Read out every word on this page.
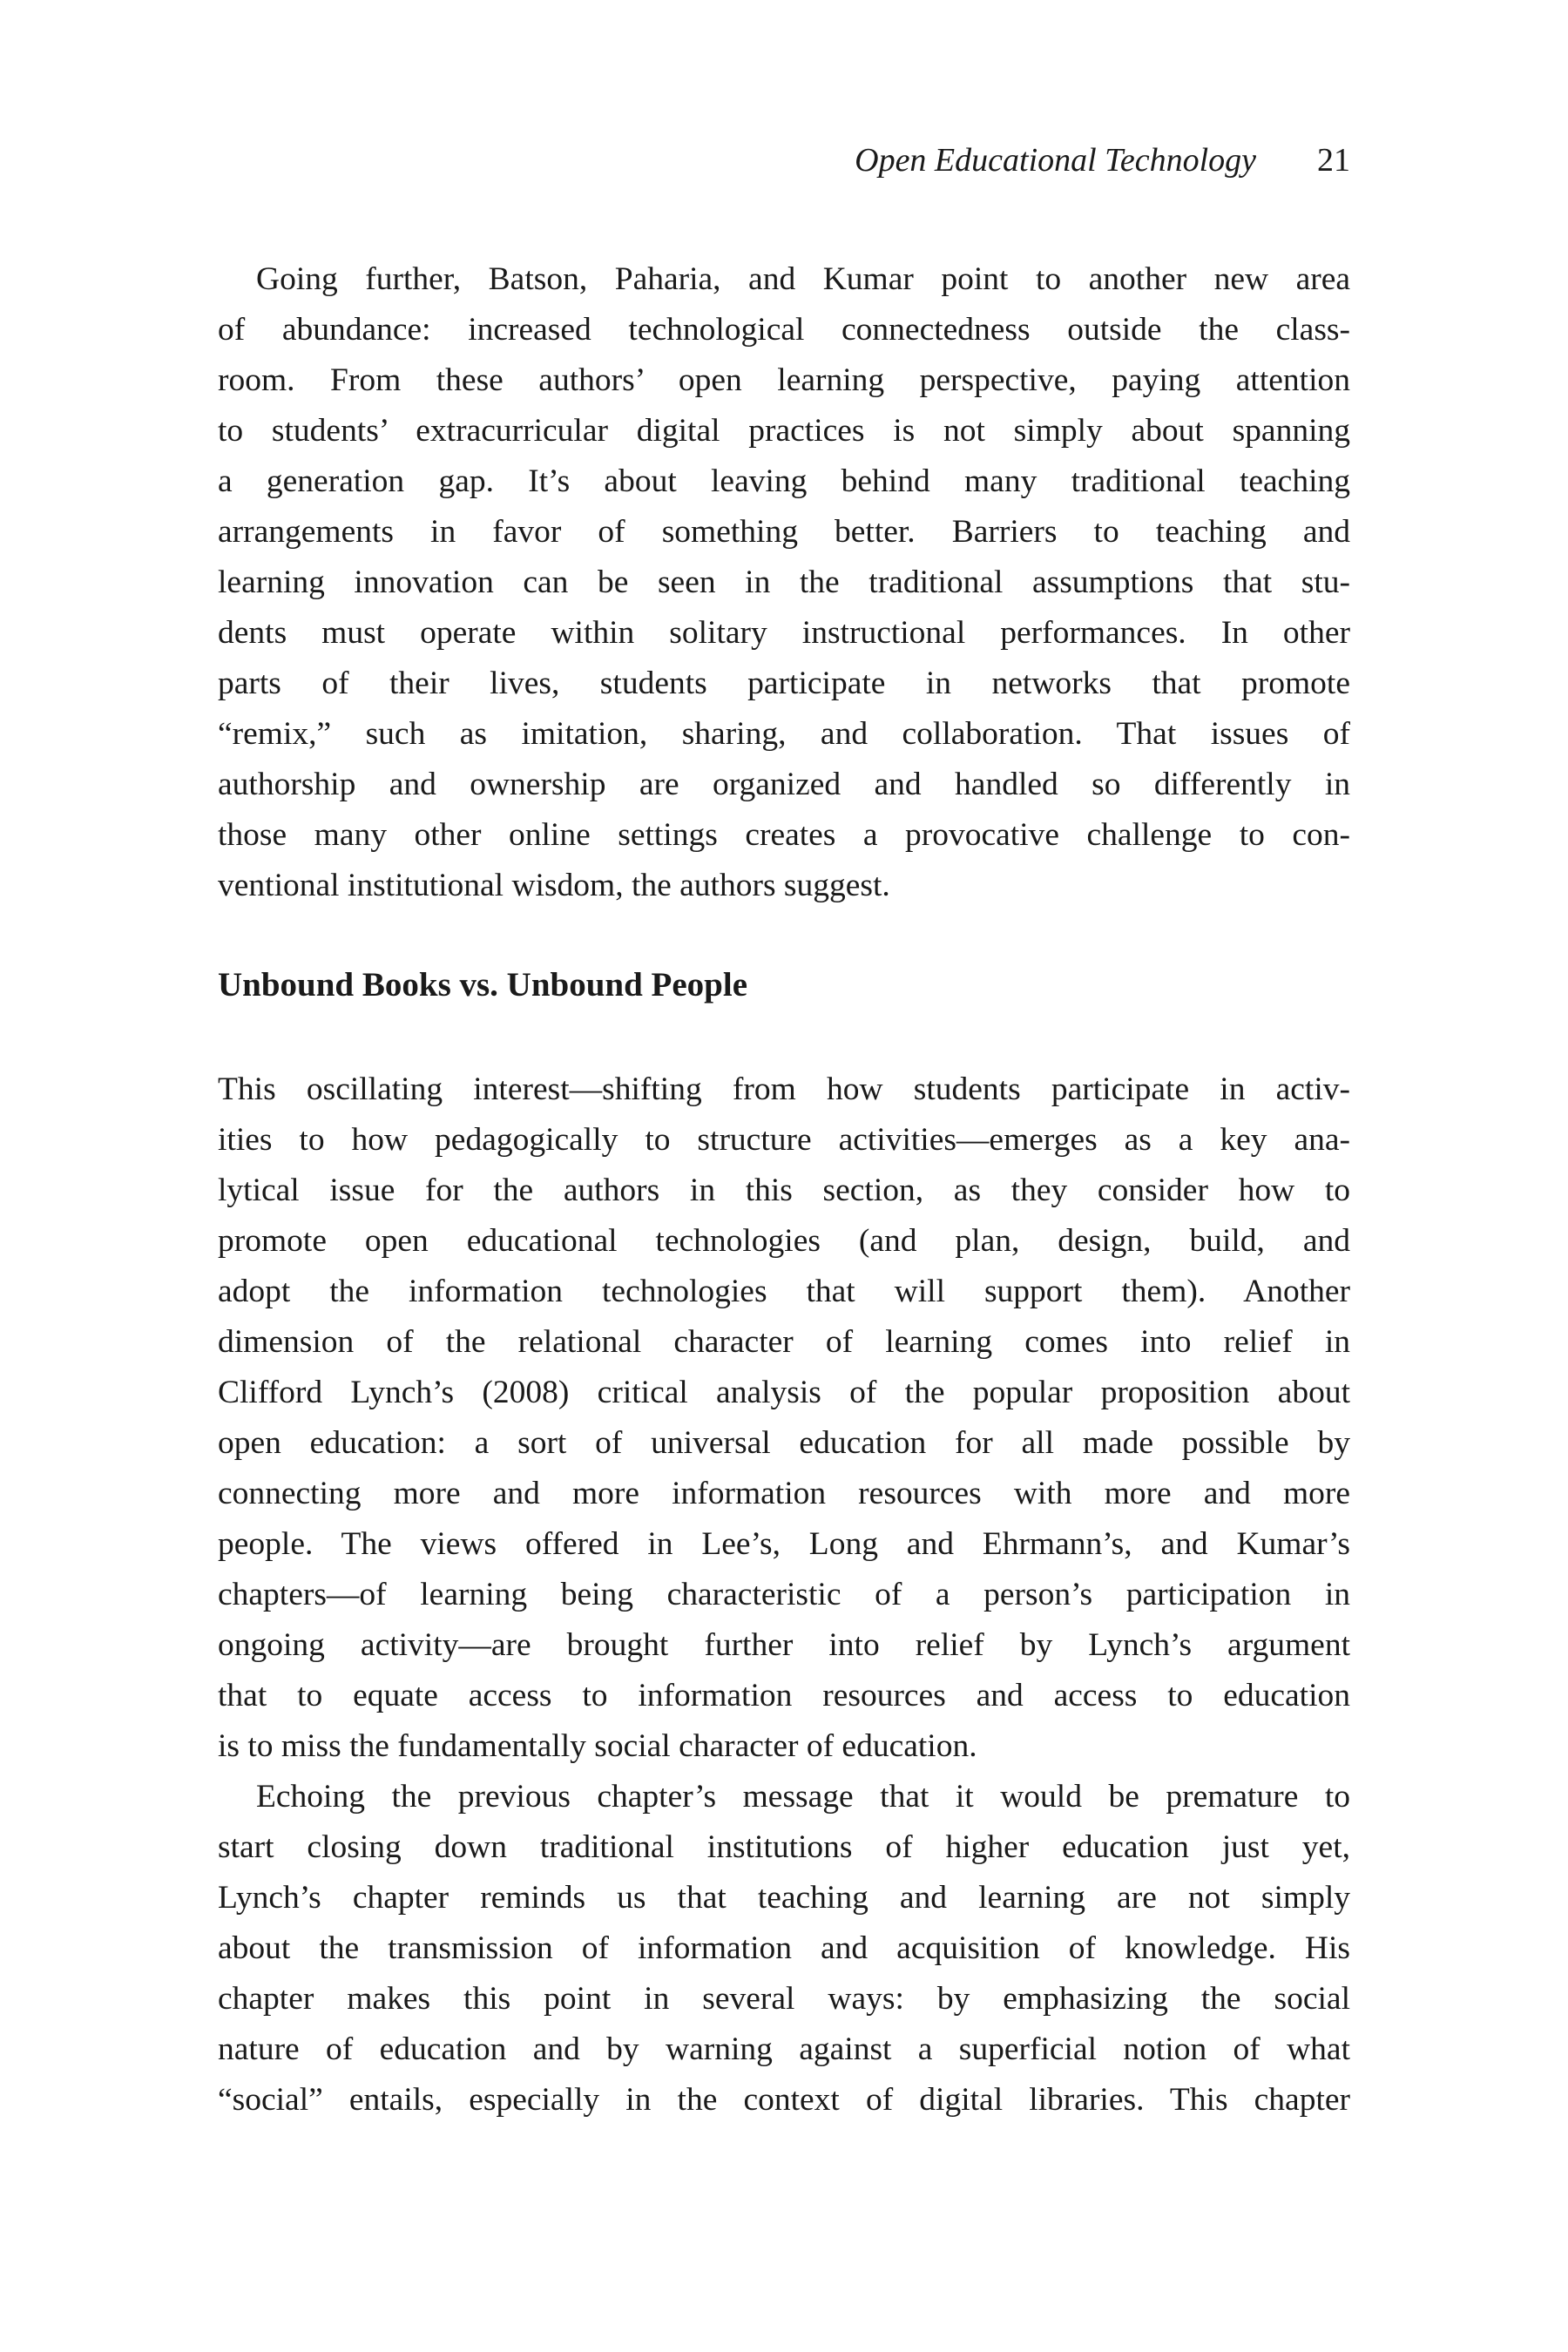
Open Educational Technology 21
Going further, Batson, Paharia, and Kumar point to another new area
of abundance: increased technological connectedness outside the class-
room. From these authors’ open learning perspective, paying attention
to students’ extracurricular digital practices is not simply about spanning
a generation gap. It’s about leaving behind many traditional teaching
arrangements in favor of something better. Barriers to teaching and
learning innovation can be seen in the traditional assumptions that stu-
dents must operate within solitary instructional performances. In other
parts of their lives, students participate in networks that promote
“remix,” such as imitation, sharing, and collaboration. That issues of
authorship and ownership are organized and handled so differently in
those many other online settings creates a provocative challenge to con-
ventional institutional wisdom, the authors suggest.
Unbound Books vs. Unbound People
This oscillating interest—shifting from how students participate in activ-
ities to how pedagogically to structure activities—emerges as a key ana-
lytical issue for the authors in this section, as they consider how to
promote open educational technologies (and plan, design, build, and
adopt the information technologies that will support them). Another
dimension of the relational character of learning comes into relief in
Clifford Lynch’s (2008) critical analysis of the popular proposition about
open education: a sort of universal education for all made possible by
connecting more and more information resources with more and more
people. The views offered in Lee’s, Long and Ehrmann’s, and Kumar’s
chapters—of learning being characteristic of a person’s participation in
ongoing activity—are brought further into relief by Lynch’s argument
that to equate access to information resources and access to education
is to miss the fundamentally social character of education.
Echoing the previous chapter’s message that it would be premature to
start closing down traditional institutions of higher education just yet,
Lynch’s chapter reminds us that teaching and learning are not simply
about the transmission of information and acquisition of knowledge. His
chapter makes this point in several ways: by emphasizing the social
nature of education and by warning against a superficial notion of what
“social” entails, especially in the context of digital libraries. This chapter
